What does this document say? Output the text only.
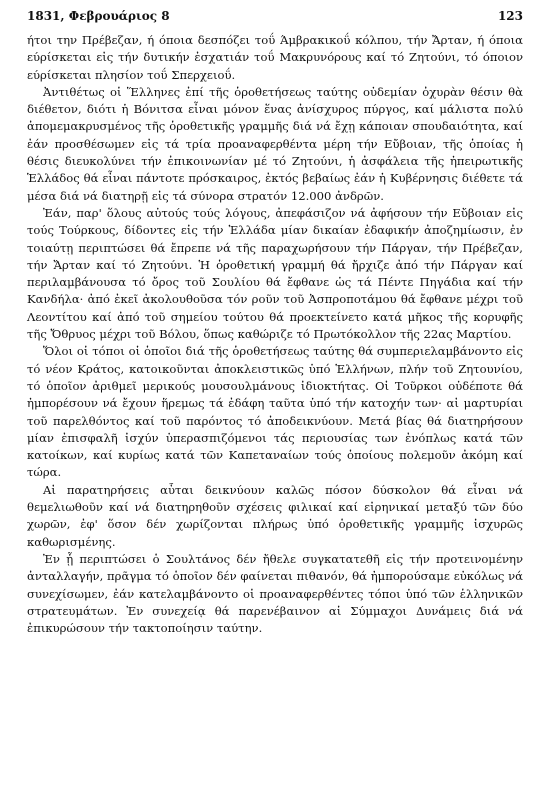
1831, Φεβρουάριος 8	123

ήτοι την Πρέβεζαν, ή όποια δεσπόζει τοΰ Άμβρακικοΰ κόλπου, τήν Ἄρταν, ή όποια εύρίσκεται εἰς τήν δυτικήν ἐσχατιάν τοΰ Μακρυνόρους καί τό Ζητούνι, τό όποιον εύρίσκεται πλησίον τοΰ Σπερχειοΰ.

Ἀντιθέτως οἱ Ἕλληνες ἐπί τῆς ὁροθετήσεως ταύτης οὐδεμίαν ὀχυρὰν θέσιν θὰ διέθετον, διότι ἡ Βόνιτσα εἶναι μόνον ἕνας ἀνίσχυρος πύργος, καί μάλιστα πολύ ἀπομεμακρυσμένος τῆς ὁροθετικῆς γραμμῆς διά νά ἔχῃ κάποιαν σπουδαιότητα, καί ἐάν προσθέσωμεν εἰς τά τρία προαναφερθέντα μέρη τήν Εὔβοιαν, τῆς ὁποίας ἡ θέσις διευκολύνει τήν ἐπικοινωνίαν μέ τό Ζητούνι, ἡ ἀσφάλεια τῆς ἠπειρωτικῆς Ἑλλάδος θά εἶναι πάντοτε πρόσκαιρος, ἐκτός βεβαίως ἐάν ἡ Κυβέρνησις διέθετε τά μέσα διά νά διατηρῇ εἰς τά σύνορα στρατόν 12.000 ἀνδρῶν.

Ἐάν, παρ' ὅλους αὐτούς τούς λόγους, ἀπεφάσιζον νά ἀφήσουν τήν Εὔβοιαν εἰς τούς Τούρκους, δίδοντες εἰς τήν Ἑλλάδα μίαν δικαίαν ἐδαφικήν ἀποζημίωσιν, ἐν τοιαύτῃ περιπτώσει θά ἔπρεπε νά τῆς παραχωρήσουν τήν Πάργαν, τήν Πρέβεζαν, τήν Ἄρταν καί τό Ζητούνι. Ἡ ὁροθετική γραμμή θά ἤρχιζε ἀπό τήν Πάργαν καί περιλαμβάνουσα τό ὄρος τοῦ Σουλίου θά ἔφθανε ὡς τά Πέντε Πηγάδια καί τήν Κανδήλα· ἀπό ἐκεῖ ἀκολουθοῦσα τόν ροῦν τοῦ Ἀσπροποτάμου θά ἔφθανε μέχρι τοῦ Λεοντίτου καί ἀπό τοῦ σημείου τούτου θά προεκτείνετο κατά μῆκος τῆς κορυφῆς τῆς Ὄθρυος μέχρι τοῦ Βόλου, ὅπως καθώριζε τό Πρωτόκολλον τῆς 22ας Μαρτίου.

Ὅλοι οἱ τόποι οἱ ὁποῖοι διά τῆς ὁροθετήσεως ταύτης θά συμπεριελαμβάνοντο εἰς τό νέον Κράτος, κατοικοῦνται ἀποκλειστικῶς ὑπό Ἑλλήνων, πλήν τοῦ Ζητουνίου, τό ὁποῖον ἀριθμεῖ μερικούς μουσουλμάνους ἰδιοκτήτας. Οἱ Τοῦρκοι οὐδέποτε θά ἠμπορέσουν νά ἔχουν ἥρεμως τά ἐδάφη ταῦτα ὑπό τήν κατοχήν των· αἱ μαρτυρίαι τοῦ παρελθόντος καί τοῦ παρόντος τό ἀποδεικνύουν. Μετά βίας θά διατηρήσουν μίαν ἐπισφαλῆ ἰσχύν ὑπερασπιζόμενοι τάς περιουσίας των ἐνόπλως κατά τῶν κατοίκων, καί κυρίως κατά τῶν Καπεταναίων τούς ὁποίους πολεμοῦν ἀκόμη καί τώρα.

Αἱ παρατηρήσεις αὗται δεικνύουν καλῶς πόσον δύσκολον θά εἶναι νά θεμελιωθοῦν καί νά διατηρηθοῦν σχέσεις φιλικαί καί εἰρηνικαί μεταξύ τῶν δύο χωρῶν, ἐφ' ὅσον δέν χωρίζονται πλήρως ὑπό ὁροθετικῆς γραμμῆς ἰσχυρῶς καθωρισμένης.

Ἐν ᾗ περιπτώσει ὁ Σουλτάνος δέν ἤθελε συγκατατεθῆ εἰς τήν προτεινομένην ἀνταλλαγήν, πρᾶγμα τό ὁποῖον δέν φαίνεται πιθανόν, θά ἠμπορούσαμε εὐκόλως νά συνεχίσωμεν, ἐάν κατελαμβάνοντο οἱ προαναφερθέντες τόποι ὑπό τῶν ἑλληνικῶν στρατευμάτων. Ἐν συνεχείᾳ θά παρενέβαινον αἱ Σύμμαχοι Δυνάμεις διά νά ἐπικυρώσουν τήν τακτοποίησιν ταύτην.
